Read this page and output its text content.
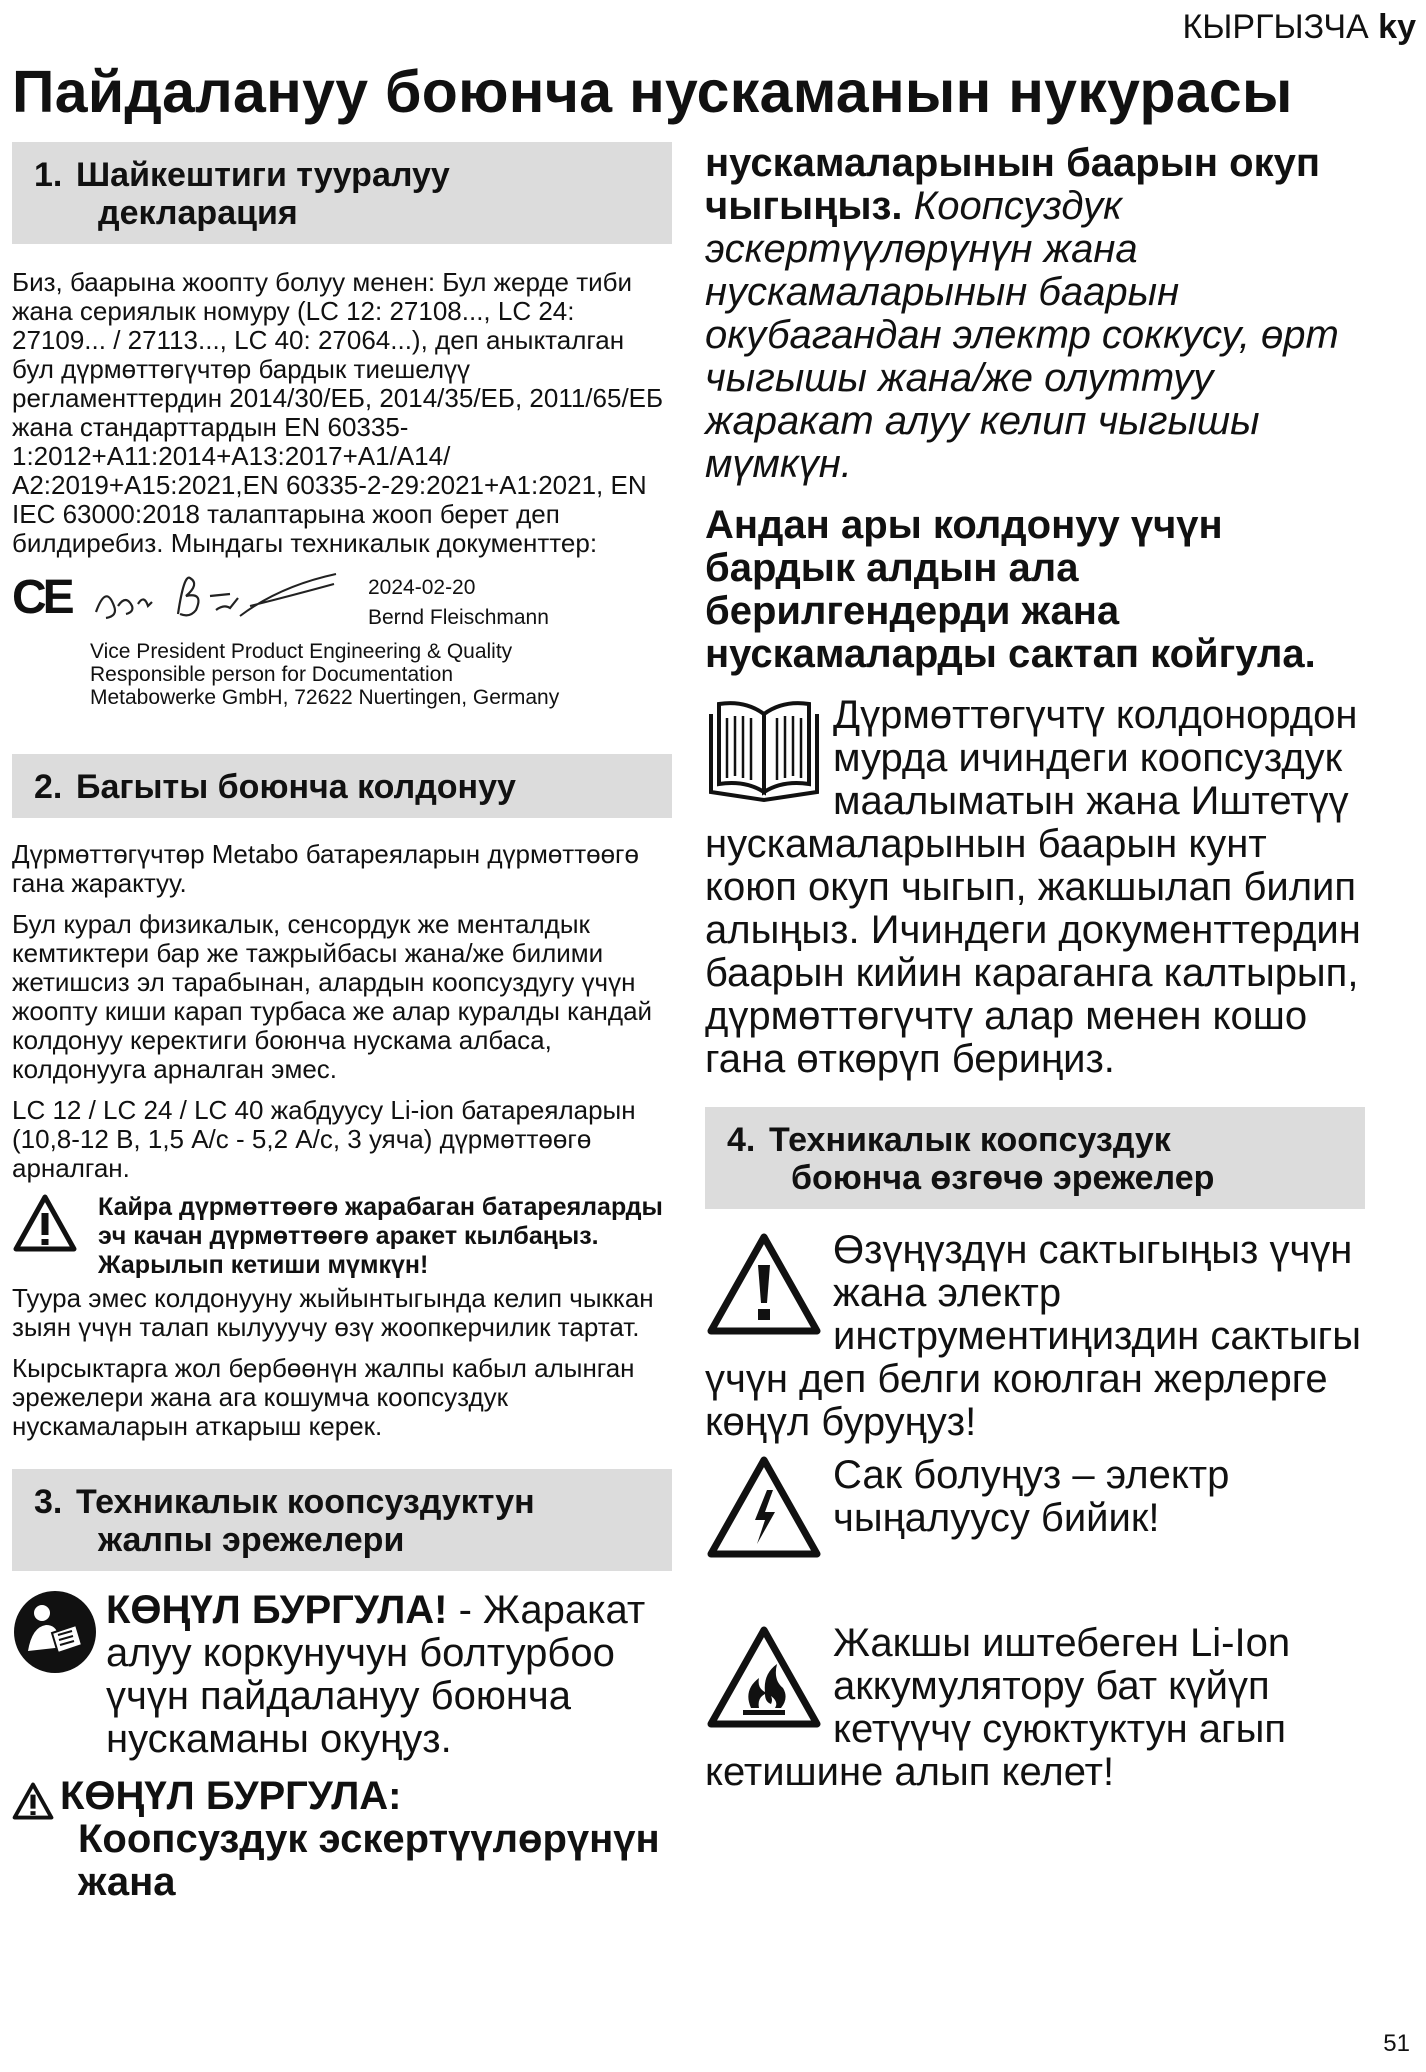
КЫРГЫЗЧА ky
Пайдалануу боюнча нускаманын нукурасы
1. Шайкештиги тууралуу
декларация

Биз, баарына жоопту болуу менен: Бул жерде тиби жана сериялык номуру (LC 12: 27108..., LC 24: 27109... / 27113..., LC 40: 27064...), деп аныкталган бул дүрмөттөгүчтөр бардык тиешелүү регламенттердин 2014/30/ЕБ, 2014/35/ЕБ, 2011/65/ЕБ жана стандарттардын EN 60335-1:2012+A11:2014+A13:2017+A1/A14/ A2:2019+A15:2021,EN 60335-2-29:2021+A1:2021, EN IEC 63000:2018 талаптарына жооп берет деп билдиребиз. Мындагы техникалык документтер:

CE	2024-02-20
Bernd Fleischmann
Vice President Product Engineering & Quality
Responsible person for Documentation
Metabowerke GmbH, 72622 Nuertingen, Germany
2. Багыты боюнча колдонуу

Дүрмөттөгүчтөр Metabo батареяларын дүрмөттөөгө гана жарактуу.

Бул курал физикалык, сенсордук же менталдык кемтиктери бар же тажрыйбасы жана/же билими жетишсиз эл тарабынан, алардын коопсуздугу үчүн жоопту киши карап турбаса же алар куралды кандай колдонуу керектиги боюнча нускама албаса, колдонууга арналган эмес.

LC 12 / LC 24 / LC 40 жабдуусу Li-ion батареяларын (10,8-12 В, 1,5 А/с - 5,2 А/с, 3 уяча) дүрмөттөөгө арналган.

Кайра дүрмөттөөгө жарабаган батареяларды эч качан дүрмөттөөгө аракет кылбаңыз. Жарылып кетиши мүмкүн!

Туура эмес колдонууну жыйынтыгында келип чыккан зыян үчүн талап кылууучу өзү жоопкерчилик тартат.

Кырсыктарга жол бербөөнүн жалпы кабыл алынган эрежелери жана ага кошумча коопсуздук нускамаларын аткарыш керек.

3. Техникалык коопсуздуктун
жалпы эрежелери
КӨҢҮЛ БУРГУЛА! - Жаракат алуу коркунучун болтурбоо үчүн пайдалануу боюнча нускаманы окуңуз.
КӨҢҮЛ БУРГУЛА:
Коопсуздук эскертүүлөрүнүн жана

нускамаларынын баарын окуп чыгыңыз. Коопсуздук эскертүүлөрүнүн жана нускамаларынын баарын окубагандан электр соккусу, өрт чыгышы жана/же олуттуу жаракат алуу келип чыгышы мүмкүн.

Андан ары колдонуу үчүн бардык алдын ала берилгендерди жана нускамаларды сактап койгула.

Дүрмөттөгүчтү колдонордон мурда ичиндеги коопсуздук маалыматын жана Иштетүү нускамаларынын баарын кунт коюп окуп чыгып, жакшылап билип алыңыз. Ичиндеги документтердин баарын кийин караганга калтырып, дүрмөттөгүчтү алар менен кошо гана өткөрүп бериңиз.

4. Техникалык коопсуздук
боюнча өзгөчө эрежелер

Өзүңүздүн сактыгыңыз үчүн жана электр инструментиңиздин сактыгы үчүн деп белги коюлган жерлерге көңүл буруңуз!

Сак болуңуз – электр чыңалуусу бийик!

Жакшы иштебеген Li-Ion аккумулятору бат күйүп кетүүчү суюктуктун агып кетишине алып келет!

51
